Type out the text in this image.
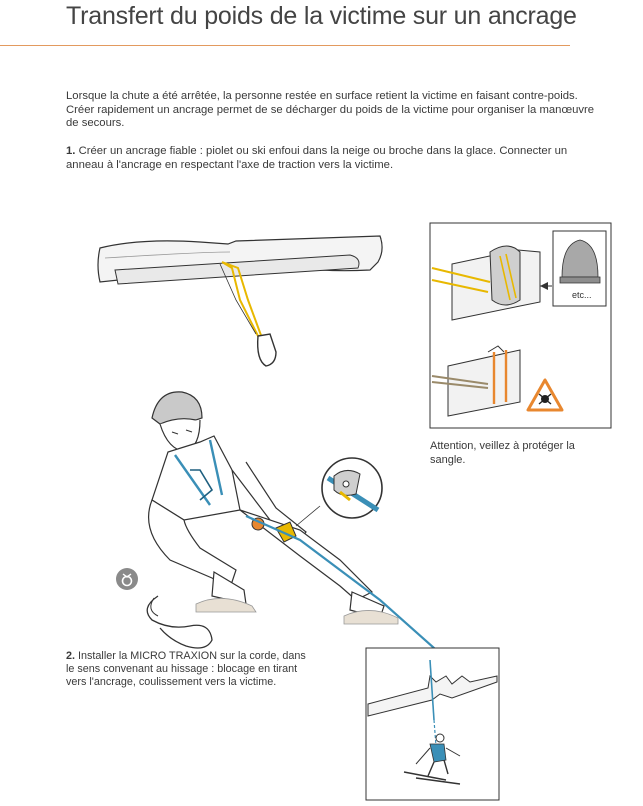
Transfert du poids de la victime sur un ancrage

Lorsque la chute a été arrêtée, la personne restée en surface retient la victime en faisant contre-poids. Créer rapidement un ancrage permet de se décharger du poids de la victime pour organiser la manœuvre de secours.

1. Créer un ancrage fiable : piolet ou ski enfoui dans la neige ou broche dans la glace. Connecter un anneau à l'ancrage en respectant l'axe de traction vers la victime.

etc...

Attention, veillez à protéger la sangle.

2. Installer la MICRO TRAXION sur la corde, dans le sens convenant au hissage : blocage en tirant vers l'ancrage, coulissement vers la victime.
